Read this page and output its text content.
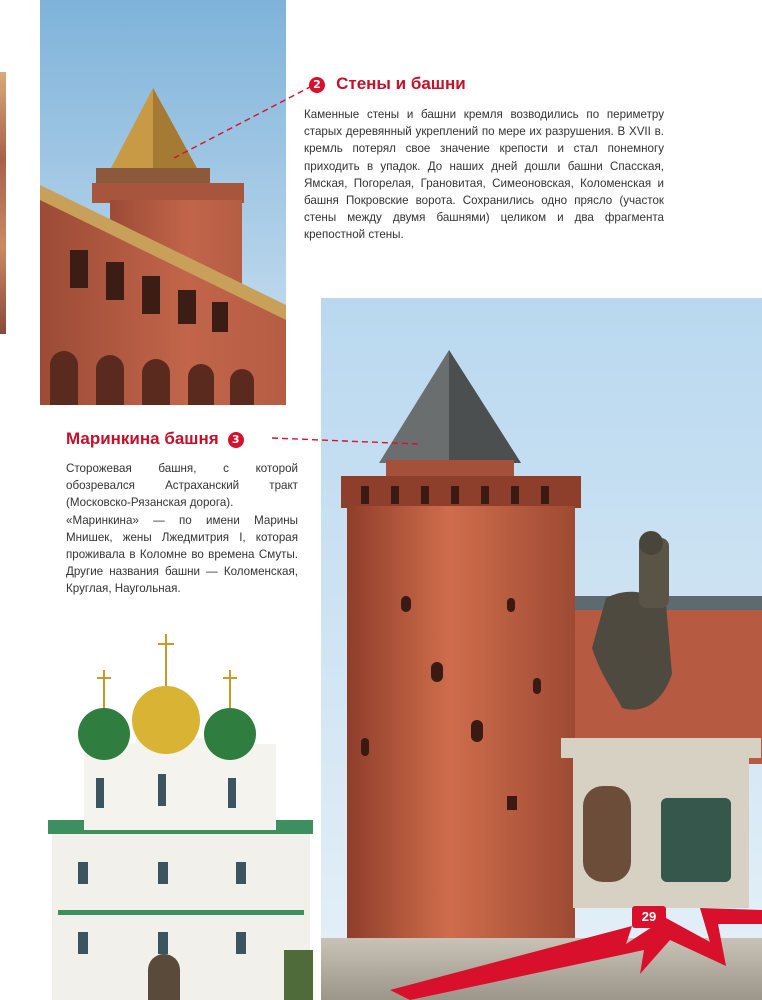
2 Стены и башни
Каменные стены и башни кремля возводились по периметру старых деревянный укреплений по мере их разрушения. В XVII в. кремль потерял свое значение крепости и стал понемногу приходить в упадок. До наших дней дошли башни Спасская, Ямская, Погорелая, Грановитая, Симеоновская, Коломенская и башня Покровские ворота. Сохранились одно прясло (участок стены между двумя башнями) целиком и два фрагмента крепостной стены.
Маринкина башня 3
Сторожевая башня, с которой обозревался Астраханский тракт (Московско-Рязанская дорога).
«Маринкина» — по имени Марины Мнишек, жены Лжедмитрия I, которая проживала в Коломне во времена Смуты. Другие названия башни — Коломенская, Круглая, Наугольная.
29
